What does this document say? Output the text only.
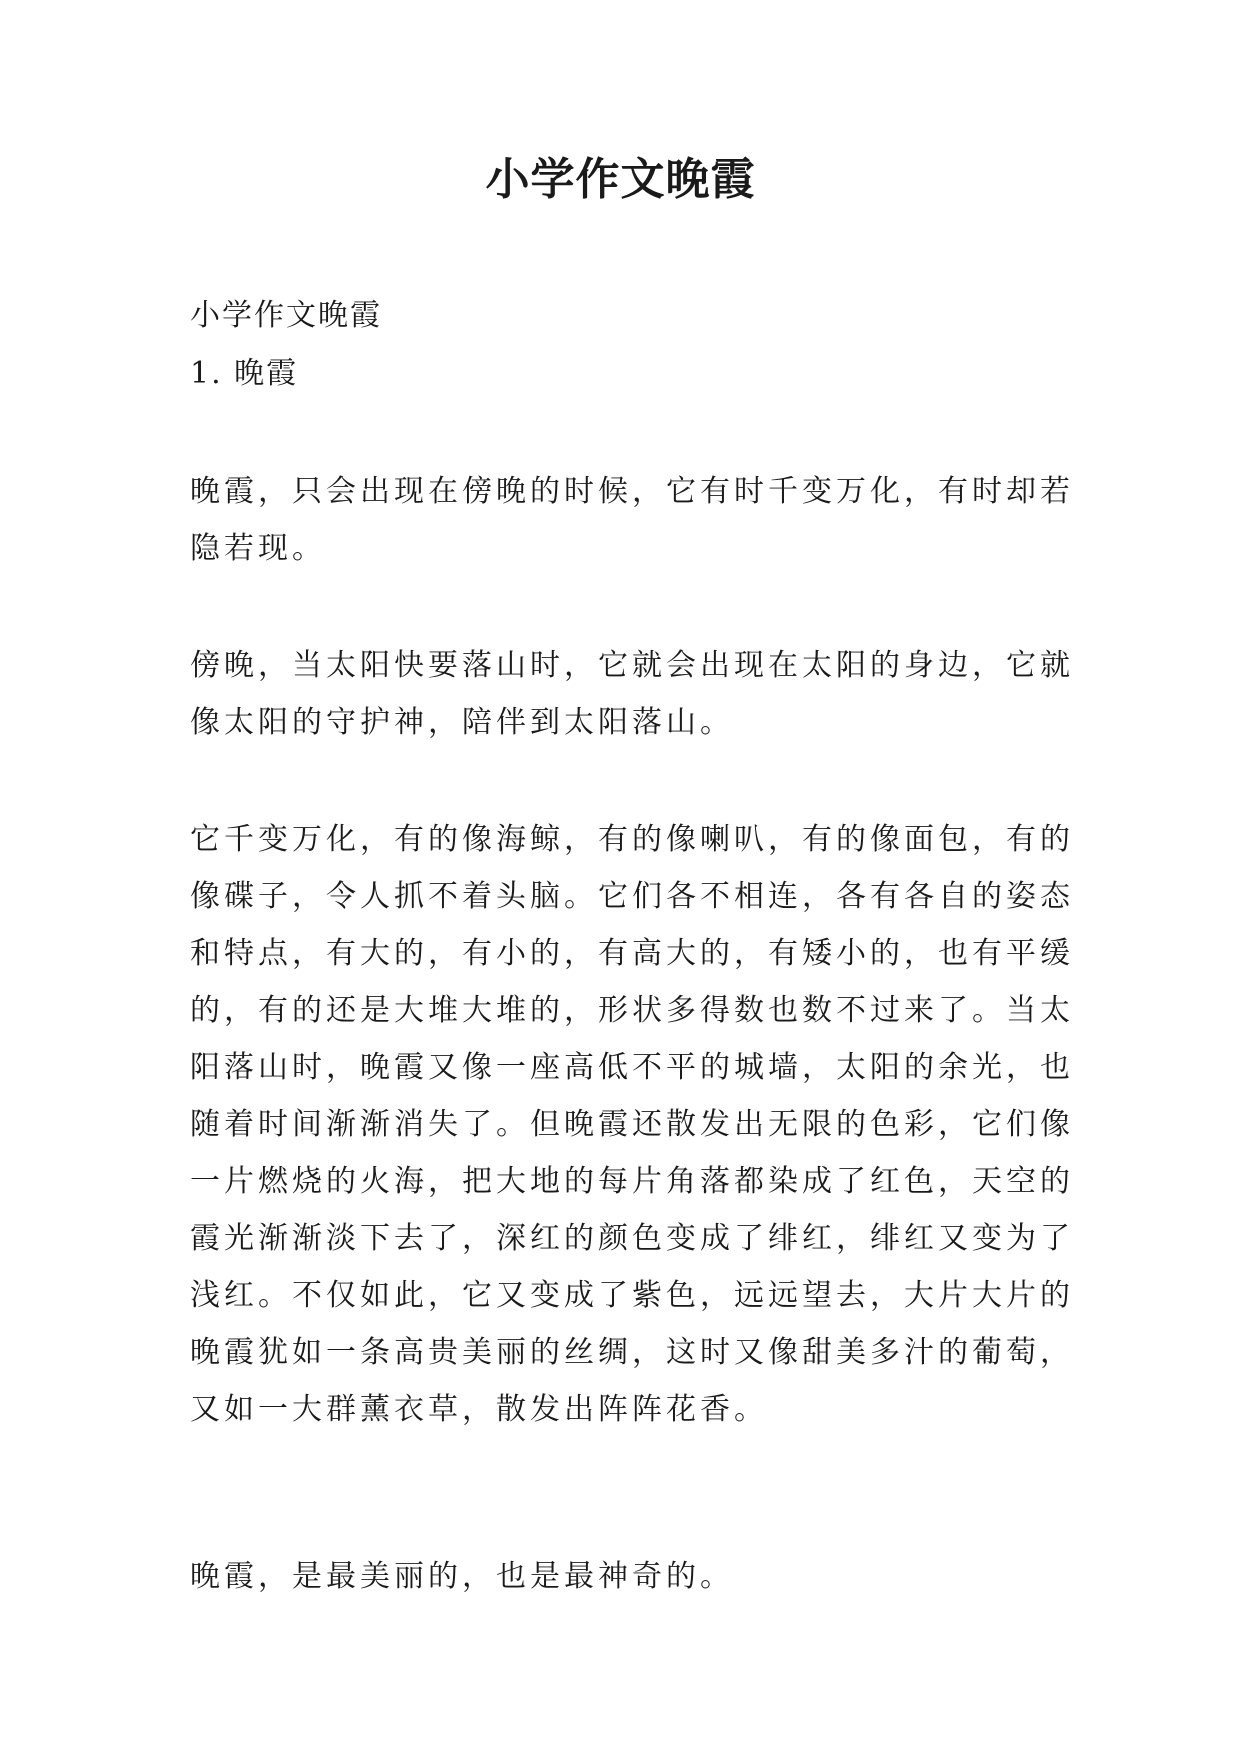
小学作文晚霞

小学作文晚霞

1. 晚霞

晚霞，只会出现在傍晚的时候，它有时千变万化，有时却若
隐若现。

傍晚，当太阳快要落山时，它就会出现在太阳的身边，它就
像太阳的守护神，陪伴到太阳落山。

它千变万化，有的像海鲸，有的像喇叭，有的像面包，有的
像碟子，令人抓不着头脑。它们各不相连，各有各自的姿态
和特点，有大的，有小的，有高大的，有矮小的，也有平缓
的，有的还是大堆大堆的，形状多得数也数不过来了。当太
阳落山时，晚霞又像一座高低不平的城墙，太阳的余光，也
随着时间渐渐消失了。但晚霞还散发出无限的色彩，它们像
一片燃烧的火海，把大地的每片角落都染成了红色，天空的
霞光渐渐淡下去了，深红的颜色变成了绯红，绯红又变为了
浅红。不仅如此，它又变成了紫色，远远望去，大片大片的
晚霞犹如一条高贵美丽的丝绸，这时又像甜美多汁的葡萄，
又如一大群薰衣草，散发出阵阵花香。

晚霞，是最美丽的，也是最神奇的。
